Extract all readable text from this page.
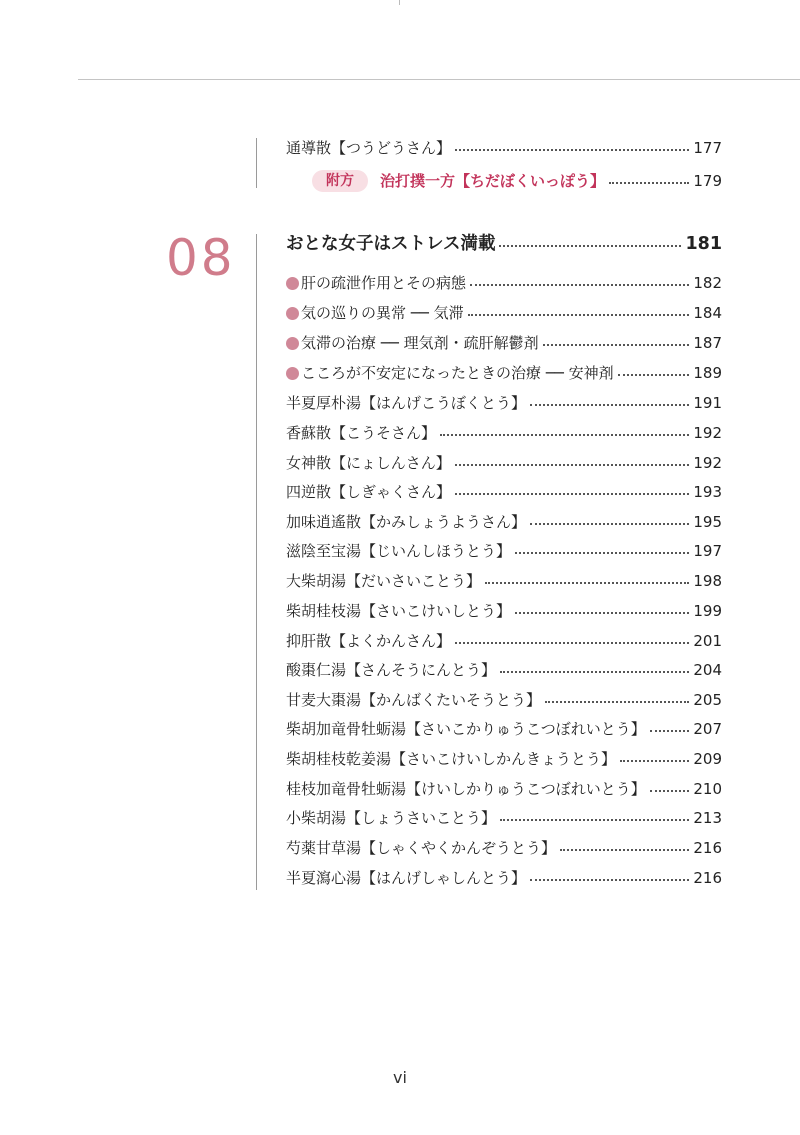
通導散【つうどうさん】	177
附方	治打撲一方【ちだぼくいっぽう】	179
08	おとな女子はストレス満載	181
肝の疏泄作用とその病態	182
気の巡りの異常 ── 気滞	184
気滞の治療 ── 理気剤・疏肝解鬱剤	187
こころが不安定になったときの治療 ── 安神剤	189
半夏厚朴湯【はんげこうぼくとう】	191
香蘇散【こうそさん】	192
女神散【にょしんさん】	192
四逆散【しぎゃくさん】	193
加味逍遙散【かみしょうようさん】	195
滋陰至宝湯【じいんしほうとう】	197
大柴胡湯【だいさいことう】	198
柴胡桂枝湯【さいこけいしとう】	199
抑肝散【よくかんさん】	201
酸棗仁湯【さんそうにんとう】	204
甘麦大棗湯【かんばくたいそうとう】	205
柴胡加竜骨牡蛎湯【さいこかりゅうこつぼれいとう】	207
柴胡桂枝乾姜湯【さいこけいしかんきょうとう】	209
桂枝加竜骨牡蛎湯【けいしかりゅうこつぼれいとう】	210
小柴胡湯【しょうさいことう】	213
芍薬甘草湯【しゃくやくかんぞうとう】	216
半夏瀉心湯【はんげしゃしんとう】	216
vi
